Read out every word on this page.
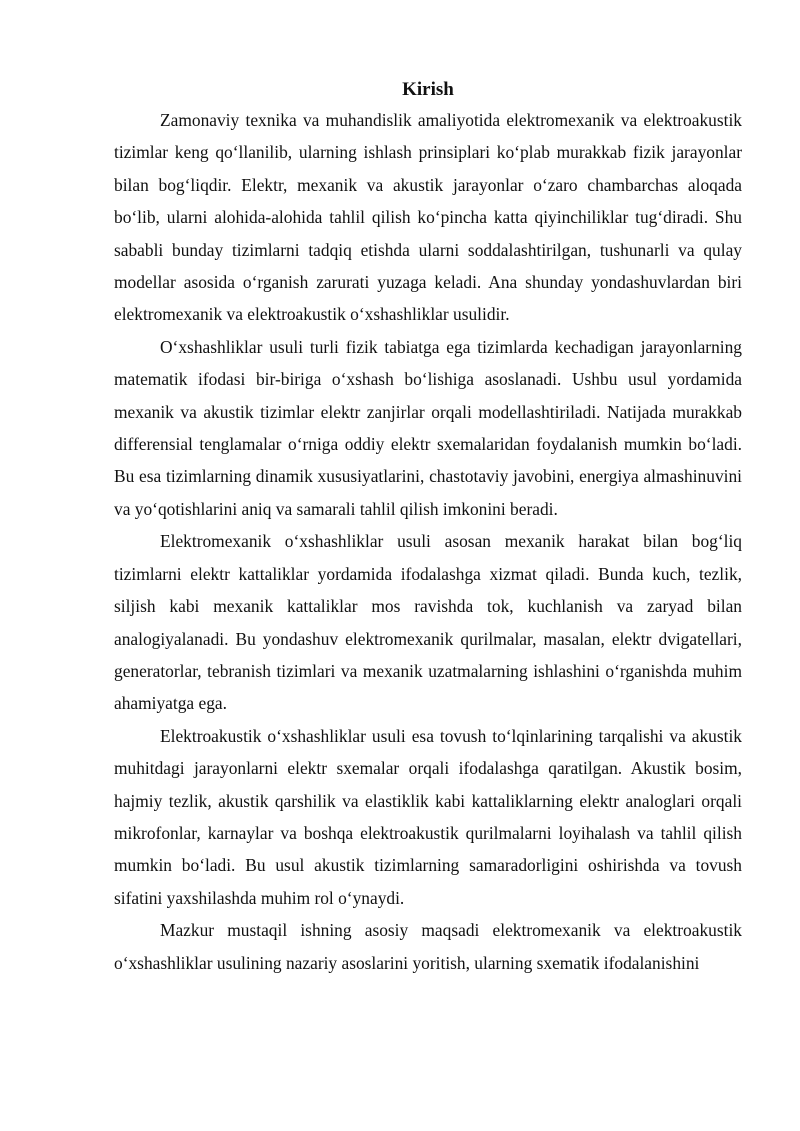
Kirish

Zamonaviy texnika va muhandislik amaliyotida elektromexanik va elektroakustik tizimlar keng qo‘llanilib, ularning ishlash prinsiplari ko‘plab murakkab fizik jarayonlar bilan bog‘liqdir. Elektr, mexanik va akustik jarayonlar o‘zaro chambarchas aloqada bo‘lib, ularni alohida-alohida tahlil qilish ko‘pincha katta qiyinchiliklar tug‘diradi. Shu sababli bunday tizimlarni tadqiq etishda ularni soddalashtirilgan, tushunarli va qulay modellar asosida o‘rganish zarurati yuzaga keladi. Ana shunday yondashuvlardan biri elektromexanik va elektroakustik o‘xshashliklar usulidir.

O‘xshashliklar usuli turli fizik tabiatga ega tizimlarda kechadigan jarayonlarning matematik ifodasi bir-biriga o‘xshash bo‘lishiga asoslanadi. Ushbu usul yordamida mexanik va akustik tizimlar elektr zanjirlar orqali modellashtiriladi. Natijada murakkab differensial tenglamalar o‘rniga oddiy elektr sxemalaridan foydalanish mumkin bo‘ladi. Bu esa tizimlarning dinamik xususiyatlarini, chastotaviy javobini, energiya almashinuvini va yo‘qotishlarini aniq va samarali tahlil qilish imkonini beradi.

Elektromexanik o‘xshashliklar usuli asosan mexanik harakat bilan bog‘liq tizimlarni elektr kattaliklar yordamida ifodalashga xizmat qiladi. Bunda kuch, tezlik, siljish kabi mexanik kattaliklar mos ravishda tok, kuchlanish va zaryad bilan analogiyalanadi. Bu yondashuv elektromexanik qurilmalar, masalan, elektr dvigatellari, generatorlar, tebranish tizimlari va mexanik uzatmalarning ishlashini o‘rganishda muhim ahamiyatga ega.

Elektroakustik o‘xshashliklar usuli esa tovush to‘lqinlarining tarqalishi va akustik muhitdagi jarayonlarni elektr sxemalar orqali ifodalashga qaratilgan. Akustik bosim, hajmiy tezlik, akustik qarshilik va elastiklik kabi kattaliklarning elektr analoglari orqali mikrofonlar, karnaylar va boshqa elektroakustik qurilmalarni loyihalash va tahlil qilish mumkin bo‘ladi. Bu usul akustik tizimlarning samaradorligini oshirishda va tovush sifatini yaxshilashda muhim rol o‘ynaydi.

Mazkur mustaqil ishning asosiy maqsadi elektromexanik va elektroakustik o‘xshashliklar usulining nazariy asoslarini yoritish, ularning sxematik ifodalanishini
